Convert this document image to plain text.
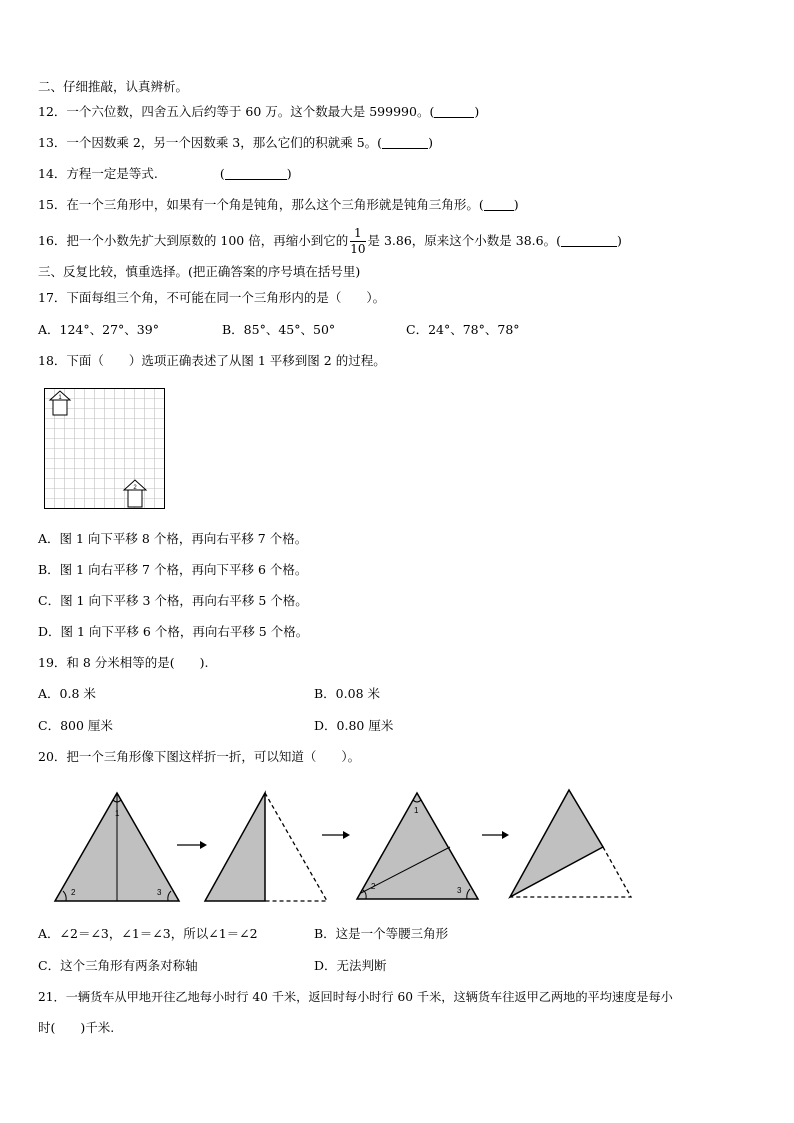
二、仔细推敲，认真辨析。
12．一个六位数，四舍五入后约等于 60 万。这个数最大是 599990。(	)
13．一个因数乘 2，另一个因数乘 3，那么它们的积就乘 5。(	)
14．方程一定是等式.	(	)
15．在一个三角形中，如果有一个角是钝角，那么这个三角形就是钝角三角形。( )
16．把一个小数先扩大到原数的 100 倍，再缩小到它的 $\frac{1}{10}$ 是 3.86，原来这个小数是 38.6。(	)
三、反复比较，慎重选择。(把正确答案的序号填在括号里)
17．下面每组三个角，不可能在同一个三角形内的是（　　）。
A．124°、27°、39°	B．85°、45°、50°	C．24°、78°、78°
18．下面（　　）选项正确表述了从图 1 平移到图 2 的过程。
1
2
A．图 1 向下平移 8 个格，再向右平移 7 个格。
B．图 1 向右平移 7 个格，再向下平移 6 个格。
C．图 1 向下平移 3 个格，再向右平移 5 个格。
D．图 1 向下平移 6 个格，再向右平移 5 个格。
19．和 8 分米相等的是(　　).
A．0.8 米	B．0.08 米
C．800 厘米	D．0.80 厘米
20．把一个三角形像下图这样折一折，可以知道（　　）。
1
2	3
1
2	3
A．∠2＝∠3，∠1＝∠3，所以∠1＝∠2	B．这是一个等腰三角形
C．这个三角形有两条对称轴	D．无法判断
21．一辆货车从甲地开往乙地每小时行 40 千米，返回时每小时行 60 千米，这辆货车往返甲乙两地的平均速度是每小
时(　　)千米.
